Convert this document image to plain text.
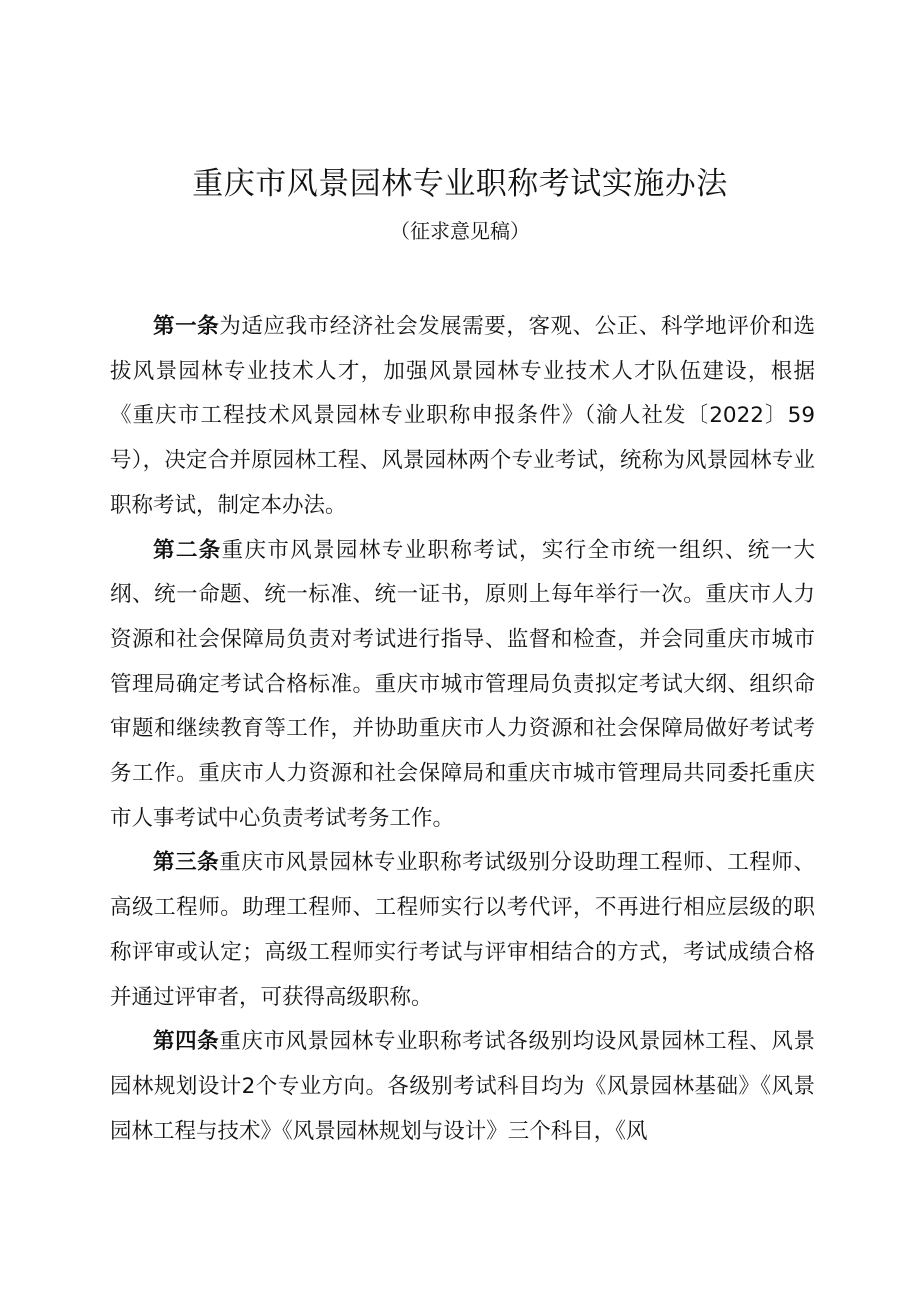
重庆市风景园林专业职称考试实施办法
（征求意见稿）

第一条为适应我市经济社会发展需要，客观、公正、科学地评价和选拔风景园林专业技术人才，加强风景园林专业技术人才队伍建设，根据《重庆市工程技术风景园林专业职称申报条件》（渝人社发〔2022〕59号），决定合并原园林工程、风景园林两个专业考试，统称为风景园林专业职称考试，制定本办法。

第二条重庆市风景园林专业职称考试，实行全市统一组织、统一大纲、统一命题、统一标准、统一证书，原则上每年举行一次。重庆市人力资源和社会保障局负责对考试进行指导、监督和检查，并会同重庆市城市管理局确定考试合格标准。重庆市城市管理局负责拟定考试大纲、组织命审题和继续教育等工作，并协助重庆市人力资源和社会保障局做好考试考务工作。重庆市人力资源和社会保障局和重庆市城市管理局共同委托重庆市人事考试中心负责考试考务工作。

第三条重庆市风景园林专业职称考试级别分设助理工程师、工程师、高级工程师。助理工程师、工程师实行以考代评，不再进行相应层级的职称评审或认定；高级工程师实行考试与评审相结合的方式，考试成绩合格并通过评审者，可获得高级职称。

第四条重庆市风景园林专业职称考试各级别均设风景园林工程、风景园林规划设计2个专业方向。各级别考试科目均为《风景园林基础》《风景园林工程与技术》《风景园林规划与设计》三个科目，《风
